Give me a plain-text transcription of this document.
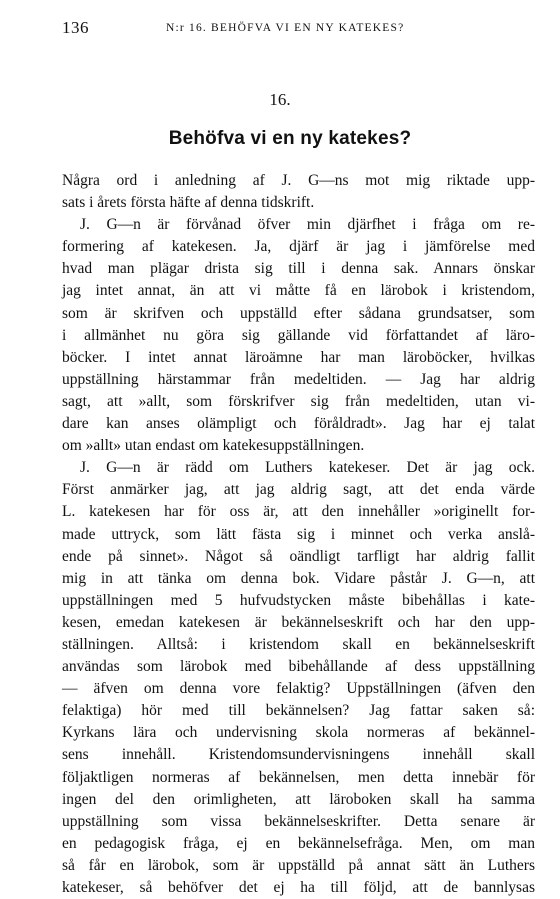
136	N:r 16. BEHÖFVA VI EN NY KATEKES?
16.
Behöfva vi en ny katekes?
Några ord i anledning af J. G—ns mot mig riktade upp-
sats i årets första häfte af denna tidskrift.
J. G—n är förvånad öfver min djärfhet i fråga om re-
formering af katekesen. Ja, djärf är jag i jämförelse med
hvad man plägar drista sig till i denna sak. Annars önskar
jag intet annat, än att vi måtte få en lärobok i kristendom,
som är skrifven och uppställd efter sådana grundsatser, som
i allmänhet nu göra sig gällande vid författandet af läro-
böcker. I intet annat läroämne har man läroböcker, hvilkas
uppställning härstammar från medeltiden. — Jag har aldrig
sagt, att »allt, som förskrifver sig från medeltiden, utan vi-
dare kan anses olämpligt och föråldradt». Jag har ej talat
om »allt» utan endast om katekesuppställningen.
J. G—n är rädd om Luthers katekeser. Det är jag ock.
Först anmärker jag, att jag aldrig sagt, att det enda värde
L. katekesen har för oss är, att den innehåller »originellt for-
made uttryck, som lätt fästa sig i minnet och verka anslå-
ende på sinnet». Något så oändligt tarfligt har aldrig fallit
mig in att tänka om denna bok. Vidare påstår J. G—n, att
uppställningen med 5 hufvudstycken måste bibehållas i kate-
kesen, emedan katekesen är bekännelseskrift och har den upp-
ställningen. Alltså: i kristendom skall en bekännelseskrift
användas som lärobok med bibehållande af dess uppställning
— äfven om denna vore felaktig? Uppställningen (äfven den
felaktiga) hör med till bekännelsen? Jag fattar saken så:
Kyrkans lära och undervisning skola normeras af bekännel-
sens innehåll. Kristendomsundervisningens innehåll skall
följaktligen normeras af bekännelsen, men detta innebär för
ingen del den orimligheten, att läroboken skall ha samma
uppställning som vissa bekännelseskrifter. Detta senare är
en pedagogisk fråga, ej en bekännelsefråga. Men, om man
så får en lärobok, som är uppställd på annat sätt än Luthers
katekeser, så behöfver det ej ha till följd, att de bannlysas
